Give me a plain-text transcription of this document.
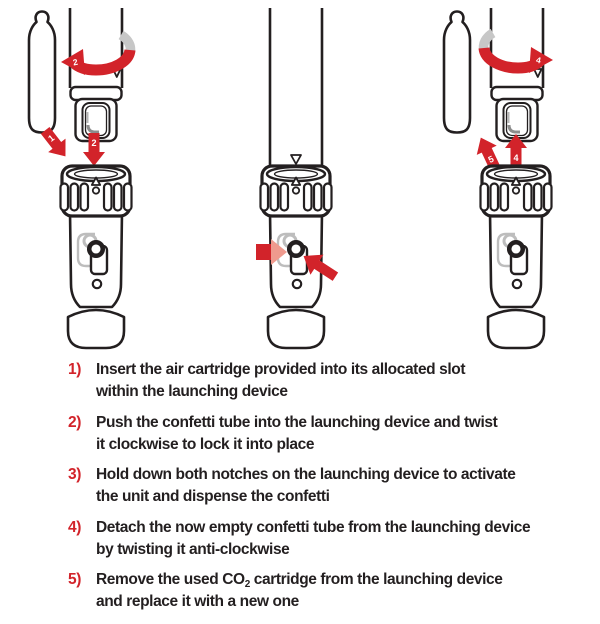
2
1	2
4
5 4
1) Insert the air cartridge provided into its allocated slot
within the launching device
2) Push the confetti tube into the launching device and twist
it clockwise to lock it into place
3) Hold down both notches on the launching device to activate
the unit and dispense the confetti
4) Detach the now empty confetti tube from the launching device
by twisting it anti-clockwise
5) Remove the used $CO_2$ cartridge from the launching device
and replace it with a new one
